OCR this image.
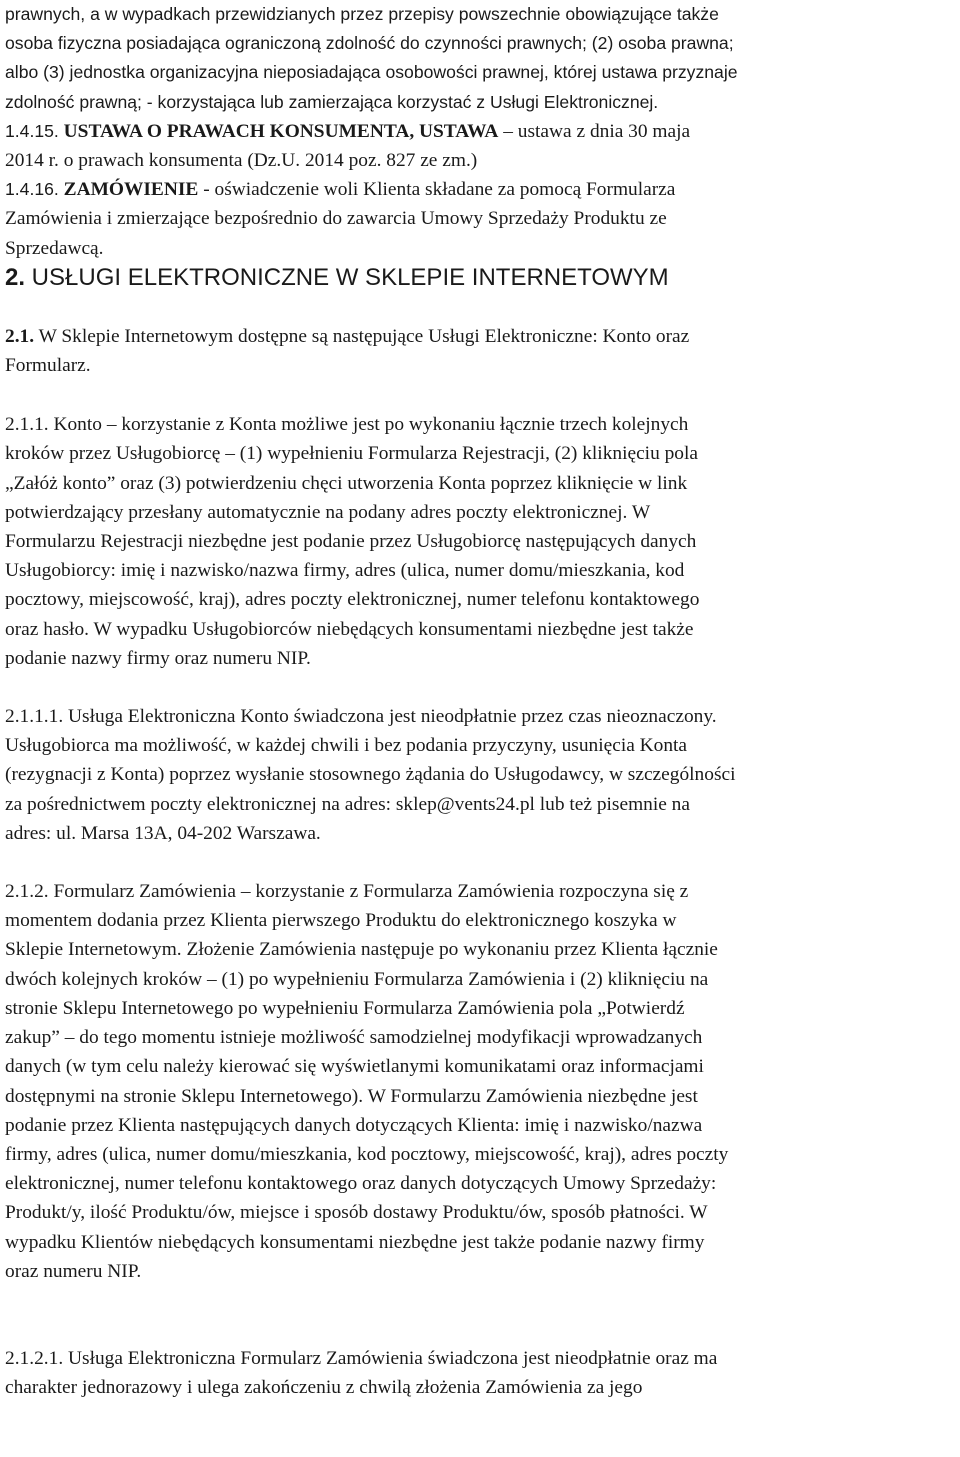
prawnych, a w wypadkach przewidzianych przez przepisy powszechnie obowiązujące także
osoba fizyczna posiadająca ograniczoną zdolność do czynności prawnych; (2) osoba prawna;
albo (3) jednostka organizacyjna nieposiadająca osobowości prawnej, której ustawa przyznaje
zdolność prawną; - korzystająca lub zamierzająca korzystać z Usługi Elektronicznej.

1.4.15. USTAWA O PRAWACH KONSUMENTA, USTAWA – ustawa z dnia 30 maja
2014 r. o prawach konsumenta (Dz.U. 2014 poz. 827 ze zm.)

1.4.16. ZAMÓWIENIE - oświadczenie woli Klienta składane za pomocą Formularza
Zamówienia i zmierzające bezpośrednio do zawarcia Umowy Sprzedaży Produktu ze
Sprzedawcą.

2. USŁUGI ELEKTRONICZNE W SKLEPIE INTERNETOWYM

2.1. W Sklepie Internetowym dostępne są następujące Usługi Elektroniczne: Konto oraz
Formularz.

2.1.1. Konto – korzystanie z Konta możliwe jest po wykonaniu łącznie trzech kolejnych
kroków przez Usługobiorcę – (1) wypełnieniu Formularza Rejestracji, (2) kliknięciu pola
„Załóż konto” oraz (3) potwierdzeniu chęci utworzenia Konta poprzez kliknięcie w link
potwierdzający przesłany automatycznie na podany adres poczty elektronicznej. W
Formularzu Rejestracji niezbędne jest podanie przez Usługobiorcę następujących danych
Usługobiorcy: imię i nazwisko/nazwa firmy, adres (ulica, numer domu/mieszkania, kod
pocztowy, miejscowość, kraj), adres poczty elektronicznej, numer telefonu kontaktowego
oraz hasło. W wypadku Usługobiorców niebędących konsumentami niezbędne jest także
podanie nazwy firmy oraz numeru NIP.

2.1.1.1. Usługa Elektroniczna Konto świadczona jest nieodpłatnie przez czas nieoznaczony.
Usługobiorca ma możliwość, w każdej chwili i bez podania przyczyny, usunięcia Konta
(rezygnacji z Konta) poprzez wysłanie stosownego żądania do Usługodawcy, w szczególności
za pośrednictwem poczty elektronicznej na adres: sklep@vents24.pl lub też pisemnie na
adres: ul. Marsa 13A, 04-202 Warszawa.

2.1.2. Formularz Zamówienia – korzystanie z Formularza Zamówienia rozpoczyna się z
momentem dodania przez Klienta pierwszego Produktu do elektronicznego koszyka w
Sklepie Internetowym. Złożenie Zamówienia następuje po wykonaniu przez Klienta łącznie
dwóch kolejnych kroków – (1) po wypełnieniu Formularza Zamówienia i (2) kliknięciu na
stronie Sklepu Internetowego po wypełnieniu Formularza Zamówienia pola „Potwierdź
zakup” – do tego momentu istnieje możliwość samodzielnej modyfikacji wprowadzanych
danych (w tym celu należy kierować się wyświetlanymi komunikatami oraz informacjami
dostępnymi na stronie Sklepu Internetowego). W Formularzu Zamówienia niezbędne jest
podanie przez Klienta następujących danych dotyczących Klienta: imię i nazwisko/nazwa
firmy, adres (ulica, numer domu/mieszkania, kod pocztowy, miejscowość, kraj), adres poczty
elektronicznej, numer telefonu kontaktowego oraz danych dotyczących Umowy Sprzedaży:
Produkt/y, ilość Produktu/ów, miejsce i sposób dostawy Produktu/ów, sposób płatności. W
wypadku Klientów niebędących konsumentami niezbędne jest także podanie nazwy firmy
oraz numeru NIP.

2.1.2.1. Usługa Elektroniczna Formularz Zamówienia świadczona jest nieodpłatnie oraz ma
charakter jednorazowy i ulega zakończeniu z chwilą złożenia Zamówienia za jego
